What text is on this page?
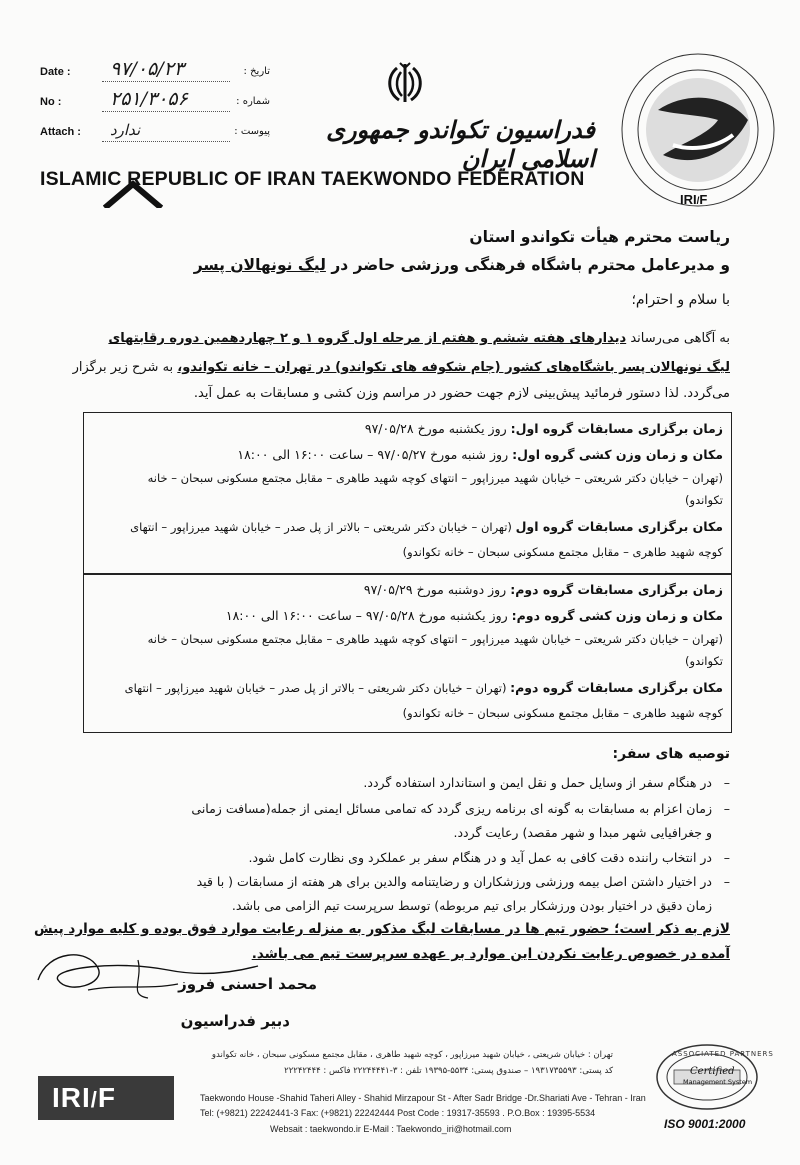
Date : ۹۷/۰۵/۲۳	تاریخ :
No :	۲۵۱/۳۰۵۶	شماره :
Attach : ندارد	پیوست :	فدراسیون تکواندو جمهوری اسلامی ایران
ISLAMIC REPUBLIC OF IRAN TAEKWONDO FEDERATION
IRI/F
ریاست محترم هیأت تکواندو استان
و مدیرعامل محترم باشگاه فرهنگی ورزشی حاضر در لیگ نونهالان پسر
با سلام و احترام؛
به آگاهی می‌رساند دیدارهای هفته ششم و هفتم از مرحله اول گروه ۱ و ۲ چهاردهمین دوره رقابتهای
لیگ نونهالان پسر باشگاه‌های کشور (جام شکوفه های تکواندو) در تهران – خانه تکواندو، به شرح زیر برگزار
می‌گردد. لذا دستور فرمائید پیش‌بینی لازم جهت حضور در مراسم وزن کشی و مسابقات به عمل آید.
زمان برگزاری مسابقات گروه اول: روز یکشنبه مورخ ۹۷/۰۵/۲۸
مکان و زمان وزن کشی گروه اول: روز شنبه مورخ ۹۷/۰۵/۲۷ – ساعت ۱۶:۰۰ الی ۱۸:۰۰
(تهران – خیابان دکتر شریعتی – خیابان شهید میرزاپور – انتهای کوچه شهید طاهری – مقابل مجتمع مسکونی سبحان – خانه
تکواندو)
مکان برگزاری مسابقات گروه اول (تهران – خیابان دکتر شریعتی – بالاتر از پل صدر – خیابان شهید میرزاپور – انتهای
کوچه شهید طاهری – مقابل مجتمع مسکونی سبحان – خانه تکواندو)
زمان برگزاری مسابقات گروه دوم: روز دوشنبه مورخ ۹۷/۰۵/۲۹
مکان و زمان وزن کشی گروه دوم: روز یکشنبه مورخ ۹۷/۰۵/۲۸ – ساعت ۱۶:۰۰ الی ۱۸:۰۰
(تهران – خیابان دکتر شریعتی – خیابان شهید میرزاپور – انتهای کوچه شهید طاهری – مقابل مجتمع مسکونی سبحان – خانه
تکواندو)
مکان برگزاری مسابقات گروه دوم: (تهران – خیابان دکتر شریعتی – بالاتر از پل صدر – خیابان شهید میرزاپور – انتهای
کوچه شهید طاهری – مقابل مجتمع مسکونی سبحان – خانه تکواندو)
توصیه های سفر:
–در هنگام سفر از وسایل حمل و نقل ایمن و استاندارد استفاده گردد.
–زمان اعزام به مسابقات به گونه ای برنامه ریزی گردد که تمامی مسائل ایمنی از جمله(مسافت زمانی
و جغرافیایی شهر مبدا و شهر مقصد) رعایت گردد.
–در انتخاب راننده دقت کافی به عمل آید و در هنگام سفر بر عملکرد وی نظارت کامل شود.
–در اختیار داشتن اصل بیمه ورزشی ورزشکاران و رضایتنامه والدین برای هر هفته از مسابقات ( با قید
زمان دقیق در اختیار بودن ورزشکار برای تیم مربوطه) توسط سرپرست تیم الزامی می باشد.
لازم به ذکر است؛ حضور تیم ها در مسابقات لیگ مذکور به منزله رعایت موارد فوق بوده و کلیه موارد پیش
آمده در خصوص رعایت نکردن این موارد بر عهده سرپرست تیم می باشد.
محمد احسنی فروز
دبیر فدراسیون
تهران : خیابان شریعتی ، خیابان شهید میرزاپور ، کوچه شهید طاهری ، مقابل مجتمع مسکونی سبحان ، خانه تکواندو
کد پستی: ۱۹۳۱۷۳۵۵۹۳ – صندوق پستی: ۵۵۳۴-۱۹۳۹۵ تلفن : ۳-۲۲۲۴۴۴۴۱ فاکس : ۲۲۲۴۲۴۴۴
IRI/F	Taekwondo House -Shahid Taheri Alley - Shahid Mirzapour St - After Sadr Bridge -Dr.Shariati Ave - Tehran - Iran
Tel: (+9821) 22242441-3 Fax: (+9821) 22242444 Post Code : 19317-35593 . P.O.Box : 19395-5534
Websait : taekwondo.ir E-Mail : Taekwondo_iri@hotmail.com
ASSOCIATED PARTNERS
Certified
Management System
ISO 9001:2000
